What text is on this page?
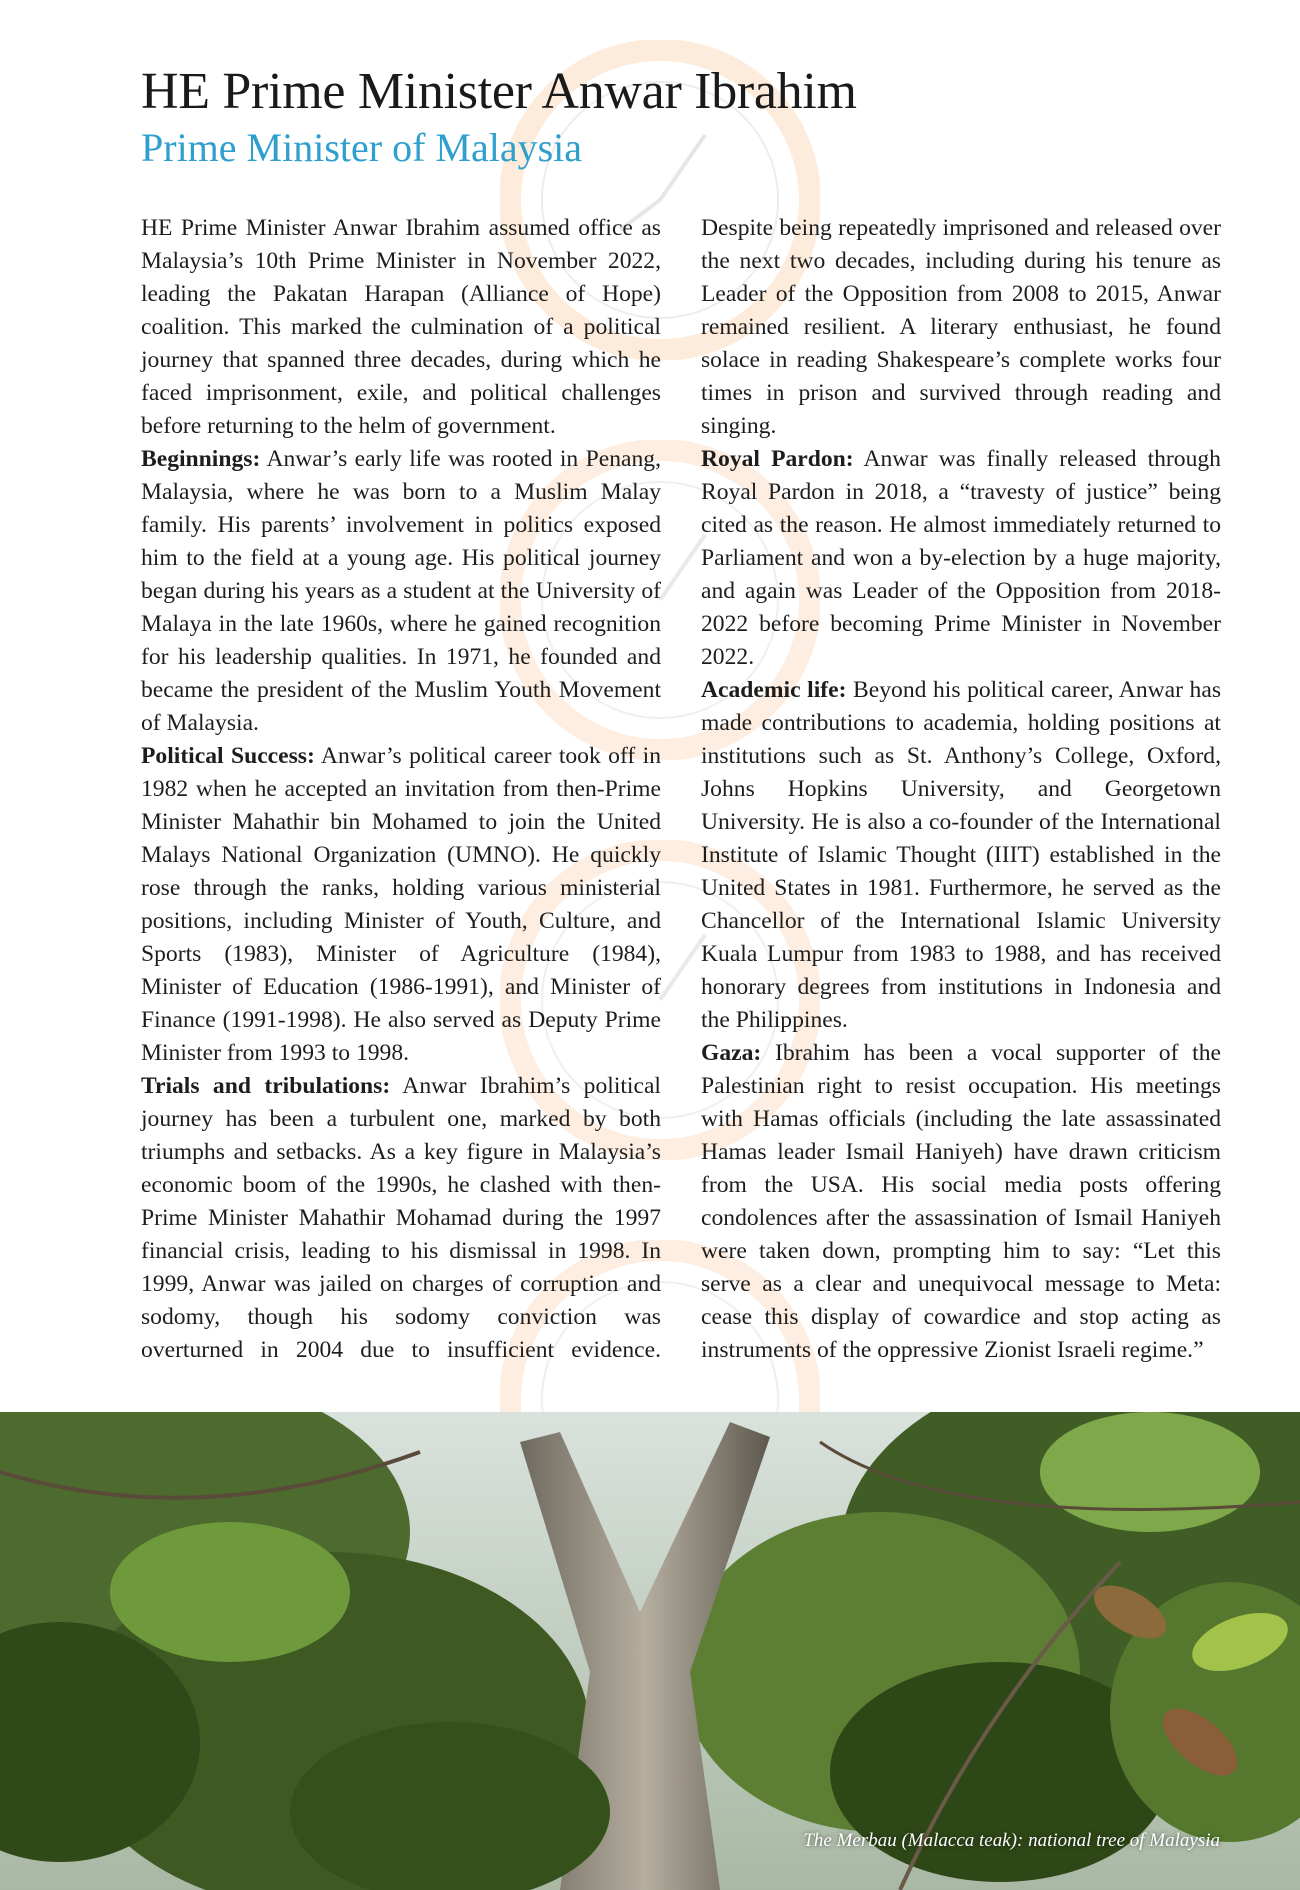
HE Prime Minister Anwar Ibrahim
Prime Minister of Malaysia

HE Prime Minister Anwar Ibrahim assumed office as Malaysia’s 10th Prime Minister in November 2022, leading the Pakatan Harapan (Alliance of Hope) coalition. This marked the culmination of a political journey that spanned three decades, during which he faced imprisonment, exile, and political challenges before returning to the helm of government.

Beginnings: Anwar’s early life was rooted in Penang, Malaysia, where he was born to a Muslim Malay family. His parents’ involvement in politics exposed him to the field at a young age. His political journey began during his years as a student at the University of Malaya in the late 1960s, where he gained recognition for his leadership qualities. In 1971, he founded and became the president of the Muslim Youth Movement of Malaysia.

Political Success: Anwar’s political career took off in 1982 when he accepted an invitation from then-Prime Minister Mahathir bin Mohamed to join the United Malays National Organization (UMNO). He quickly rose through the ranks, holding various ministerial positions, including Minister of Youth, Culture, and Sports (1983), Minister of Agriculture (1984), Minister of Education (1986-1991), and Minister of Finance (1991-1998). He also served as Deputy Prime Minister from 1993 to 1998.

Trials and tribulations: Anwar Ibrahim’s political journey has been a turbulent one, marked by both triumphs and setbacks. As a key figure in Malaysia’s economic boom of the 1990s, he clashed with then-Prime Minister Mahathir Mohamad during the 1997 financial crisis, leading to his dismissal in 1998. In 1999, Anwar was jailed on charges of corruption and sodomy, though his sodomy conviction was overturned in 2004 due to insufficient evidence. Despite being repeatedly imprisoned and released over the next two decades, including during his tenure as Leader of the Opposition from 2008 to 2015, Anwar remained resilient. A literary enthusiast, he found solace in reading Shakespeare’s complete works four times in prison and survived through reading and singing.

Royal Pardon: Anwar was finally released through Royal Pardon in 2018, a “travesty of justice” being cited as the reason. He almost immediately returned to Parliament and won a by-election by a huge majority, and again was Leader of the Opposition from 2018-2022 before becoming Prime Minister in November 2022.

Academic life: Beyond his political career, Anwar has made contributions to academia, holding positions at institutions such as St. Anthony’s College, Oxford, Johns Hopkins University, and Georgetown University. He is also a co-founder of the International Institute of Islamic Thought (IIIT) established in the United States in 1981. Furthermore, he served as the Chancellor of the International Islamic University Kuala Lumpur from 1983 to 1988, and has received honorary degrees from institutions in Indonesia and the Philippines.

Gaza: Ibrahim has been a vocal supporter of the Palestinian right to resist occupation. His meetings with Hamas officials (including the late assassinated Hamas leader Ismail Haniyeh) have drawn criticism from the USA. His social media posts offering condolences after the assassination of Ismail Haniyeh were taken down, prompting him to say: “Let this serve as a clear and unequivocal message to Meta: cease this display of cowardice and stop acting as instruments of the oppressive Zionist Israeli regime.”

The Merbau (Malacca teak): national tree of Malaysia
